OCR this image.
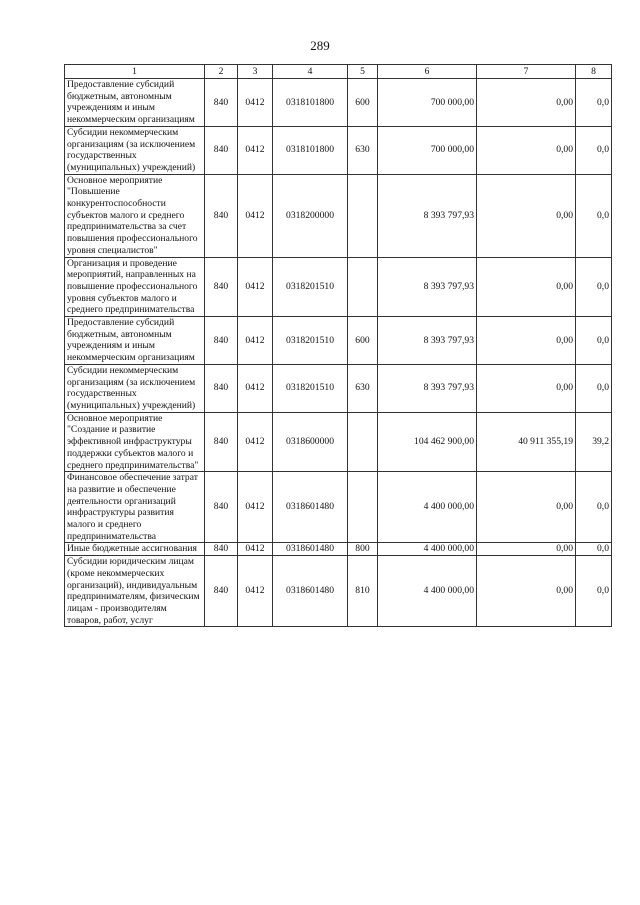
289
1	2	3	4	5	6	7	8
Предоставление субсидий бюджетным, автономным учреждениям и иным некоммерческим организациям	840	0412	0318101800	600	700 000,00	0,00	0,0
Субсидии некоммерческим организациям (за исключением государственных (муниципальных) учреждений)	840	0412	0318101800	630	700 000,00	0,00	0,0
Основное мероприятие "Повышение конкурентоспособности субъектов малого и среднего предпринимательства за счет повышения профессионального уровня специалистов"	840	0412	0318200000		8 393 797,93	0,00	0,0
Организация и проведение мероприятий, направленных на повышение профессионального уровня субъектов малого и среднего предпринимательства	840	0412	0318201510		8 393 797,93	0,00	0,0
Предоставление субсидий бюджетным, автономным учреждениям и иным некоммерческим организациям	840	0412	0318201510	600	8 393 797,93	0,00	0,0
Субсидии некоммерческим организациям (за исключением государственных (муниципальных) учреждений)	840	0412	0318201510	630	8 393 797,93	0,00	0,0
Основное мероприятие "Создание и развитие эффективной инфраструктуры поддержки субъектов малого и среднего предпринимательства"	840	0412	0318600000		104 462 900,00	40 911 355,19	39,2
Финансовое обеспечение затрат на развитие и обеспечение деятельности организаций инфраструктуры развития малого и среднего предпринимательства	840	0412	0318601480		4 400 000,00	0,00	0,0
Иные бюджетные ассигнования	840	0412	0318601480	800	4 400 000,00	0,00	0,0
Субсидии юридическим лицам (кроме некоммерческих организаций), индивидуальным предпринимателям, физическим лицам - производителям товаров, работ, услуг	840	0412	0318601480	810	4 400 000,00	0,00	0,0
